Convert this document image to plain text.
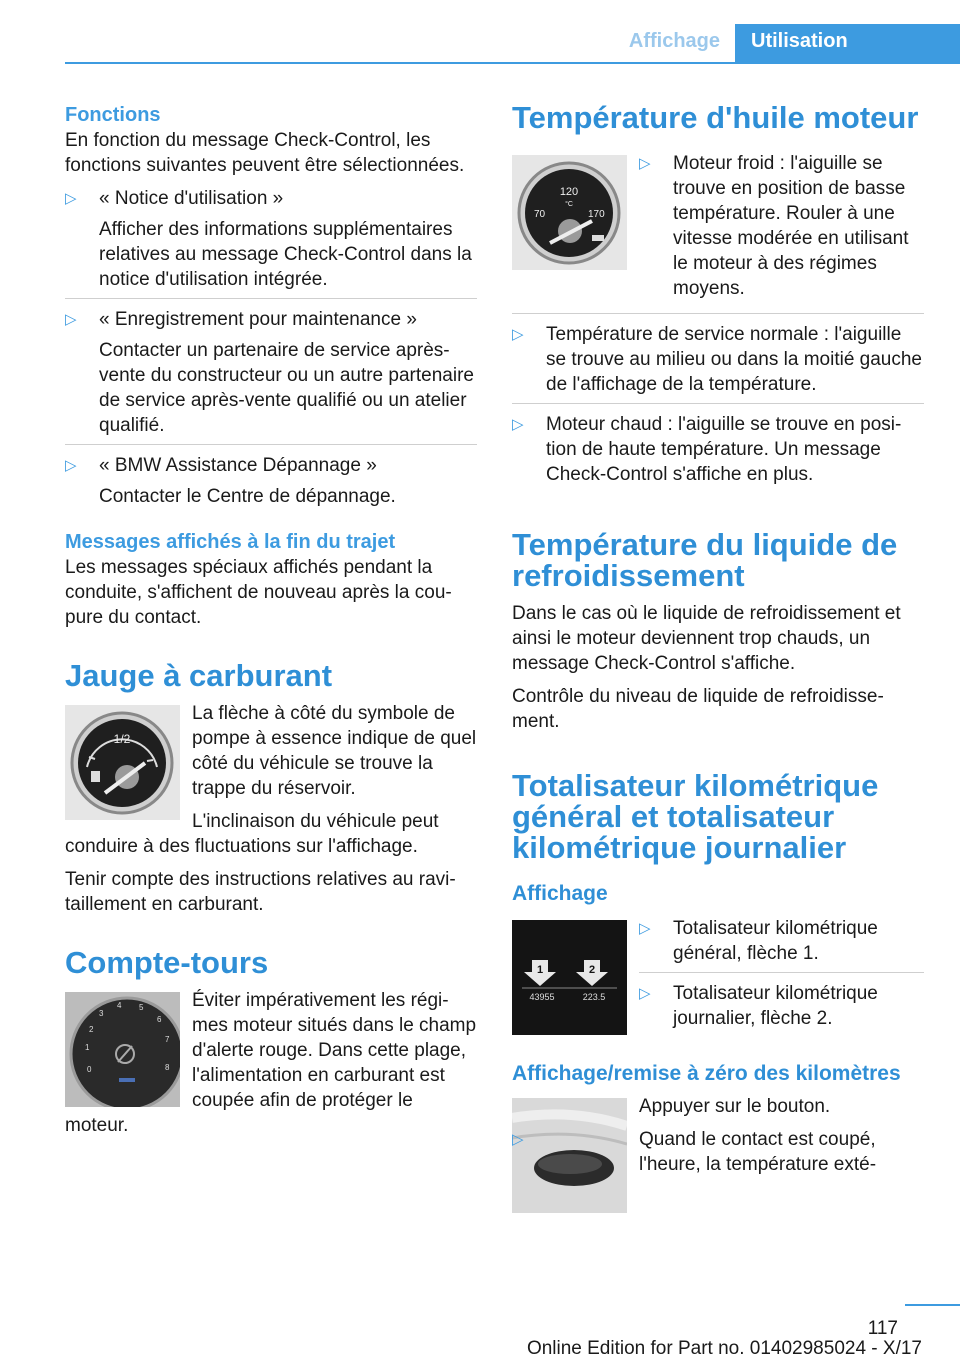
Affichage	Utilisation
Fonctions

En fonction du message Check-Control, les fonctions suivantes peuvent être sélectionnées.

▷ « Notice d'utilisation »
Afficher des informations supplémentaires relatives au message Check-Control dans la notice d'utilisation intégrée.
▷ « Enregistrement pour maintenance »
Contacter un partenaire de service après-vente du constructeur ou un autre partenaire de service après-vente qualifié ou un atelier qualifié.
▷ « BMW Assistance Dépannage »
Contacter le Centre de dépannage.
Messages affichés à la fin du trajet

Les messages spéciaux affichés pendant la conduite, s'affichent de nouveau après la coupure du contact.

Jauge à carburant
1/2

La flèche à côté du symbole de pompe à essence indique de quel côté du véhicule se trouve la trappe du réservoir.

L'inclinaison du véhicule peut conduire à des fluctuations sur l'affichage.

Tenir compte des instructions relatives au ravitaillement en carburant.

Compte-tours
0
1
2
3
4 5
6
7
8

Éviter impérativement les régimes moteur situés dans le champ d'alerte rouge. Dans cette plage, l'alimentation en carburant est coupée afin de protéger le moteur.

Température d'huile moteur
120
°C
70	170
▷ Moteur froid : l'aiguille se trouve en position de basse température. Rouler à une vitesse modérée en utilisant le moteur à des régimes moyens.
▷ Température de service normale : l'aiguille se trouve au milieu ou dans la moitié gauche de l'affichage de la température.
▷ Moteur chaud : l'aiguille se trouve en position de haute température. Un message Check-Control s'affiche en plus.
Température du liquide de refroidissement

Dans le cas où le liquide de refroidissement et ainsi le moteur deviennent trop chauds, un message Check-Control s'affiche.

Contrôle du niveau de liquide de refroidissement.

Totalisateur kilométrique général et totalisateur kilométrique journalier
Affichage
1	2
43955	223.5
▷ Totalisateur kilométrique général, flèche 1.
▷ Totalisateur kilométrique journalier, flèche 2.
Affichage/remise à zéro des kilomètres

Appuyer sur le bouton.

▷	Quand le contact est coupé, l'heure, la température exté-
117
Online Edition for Part no. 01402985024 - X/17
